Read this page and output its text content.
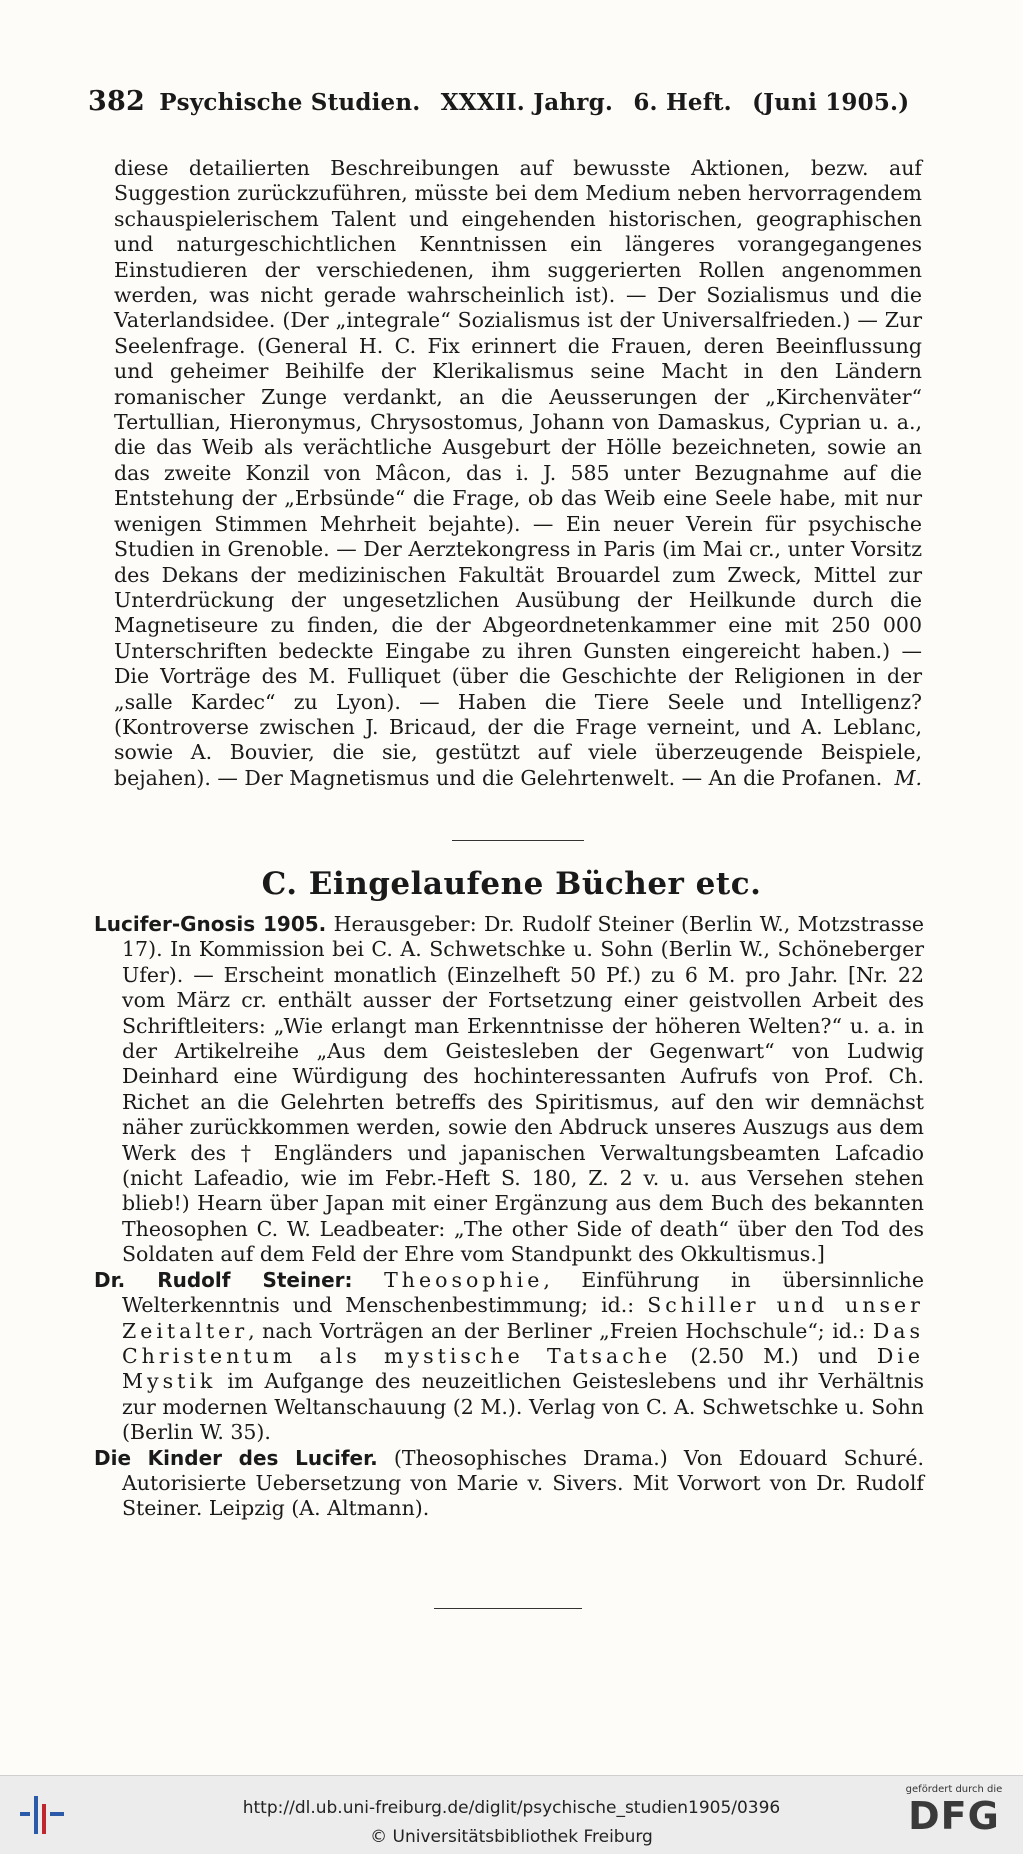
382 Psychische Studien. XXXII. Jahrg. 6. Heft. (Juni 1905.)

diese detailierten Beschreibungen auf bewusste Aktionen, bezw. auf Suggestion zurückzuführen, müsste bei dem Medium neben hervorragendem schauspielerischem Talent und eingehenden historischen, geographischen und naturgeschichtlichen Kenntnissen ein längeres vorangegangenes Einstudieren der verschiedenen, ihm suggerierten Rollen angenommen werden, was nicht gerade wahrscheinlich ist). — Der Sozialismus und die Vaterlandsidee. (Der „integrale“ Sozialismus ist der Universalfrieden.) — Zur Seelenfrage. (General H. C. Fix erinnert die Frauen, deren Beeinflussung und geheimer Beihilfe der Klerikalismus seine Macht in den Ländern romanischer Zunge verdankt, an die Aeusserungen der „Kirchenväter“ Tertullian, Hieronymus, Chrysostomus, Johann von Damaskus, Cyprian u. a., die das Weib als verächtliche Ausgeburt der Hölle bezeichneten, sowie an das zweite Konzil von Mâcon, das i. J. 585 unter Bezugnahme auf die Entstehung der „Erbsünde“ die Frage, ob das Weib eine Seele habe, mit nur wenigen Stimmen Mehrheit bejahte). — Ein neuer Verein für psychische Studien in Grenoble. — Der Aerztekongress in Paris (im Mai cr., unter Vorsitz des Dekans der medizinischen Fakultät Brouardel zum Zweck, Mittel zur Unterdrückung der ungesetzlichen Ausübung der Heilkunde durch die Magnetiseure zu finden, die der Abgeordnetenkammer eine mit 250 000 Unterschriften bedeckte Eingabe zu ihren Gunsten eingereicht haben.) — Die Vorträge des M. Fulliquet (über die Geschichte der Religionen in der „salle Kardec“ zu Lyon). — Haben die Tiere Seele und Intelligenz? (Kontroverse zwischen J. Bricaud, der die Frage verneint, und A. Leblanc, sowie A. Bouvier, die sie, gestützt auf viele überzeugende Beispiele, bejahen). — Der Magnetismus und die Gelehrtenwelt. — An die Profanen. M.

C. Eingelaufene Bücher etc.

Lucifer-Gnosis 1905. Herausgeber: Dr. Rudolf Steiner (Berlin W., Motzstrasse 17). In Kommission bei C. A. Schwetschke u. Sohn (Berlin W., Schöneberger Ufer). — Erscheint monatlich (Einzelheft 50 Pf.) zu 6 M. pro Jahr. [Nr. 22 vom März cr. enthält ausser der Fortsetzung einer geistvollen Arbeit des Schriftleiters: „Wie erlangt man Erkenntnisse der höheren Welten?“ u. a. in der Artikelreihe „Aus dem Geistesleben der Gegenwart“ von Ludwig Deinhard eine Würdigung des hochinteressanten Aufrufs von Prof. Ch. Richet an die Gelehrten betreffs des Spiritismus, auf den wir demnächst näher zurückkommen werden, sowie den Abdruck unseres Auszugs aus dem Werk des † Engländers und japanischen Verwaltungsbeamten Lafcadio (nicht Lafeadio, wie im Febr.-Heft S. 180, Z. 2 v. u. aus Versehen stehen blieb!) Hearn über Japan mit einer Ergänzung aus dem Buch des bekannten Theosophen C. W. Leadbeater: „The other Side of death“ über den Tod des Soldaten auf dem Feld der Ehre vom Standpunkt des Okkultismus.]

Dr. Rudolf Steiner: Theosophie, Einführung in übersinnliche Welterkenntnis und Menschenbestimmung; id.: Schiller und unser Zeitalter, nach Vorträgen an der Berliner „Freien Hochschule“; id.: Das Christentum als mystische Tatsache (2.50 M.) und Die Mystik im Aufgange des neuzeitlichen Geisteslebens und ihr Verhältnis zur modernen Weltanschauung (2 M.). Verlag von C. A. Schwetschke u. Sohn (Berlin W. 35).

Die Kinder des Lucifer. (Theosophisches Drama.) Von Edouard Schuré. Autorisierte Uebersetzung von Marie v. Sivers. Mit Vorwort von Dr. Rudolf Steiner. Leipzig (A. Altmann).

http://dl.ub.uni-freiburg.de/diglit/psychische_studien1905/0396
© Universitätsbibliothek Freiburg
gefördert durch die
DFG
